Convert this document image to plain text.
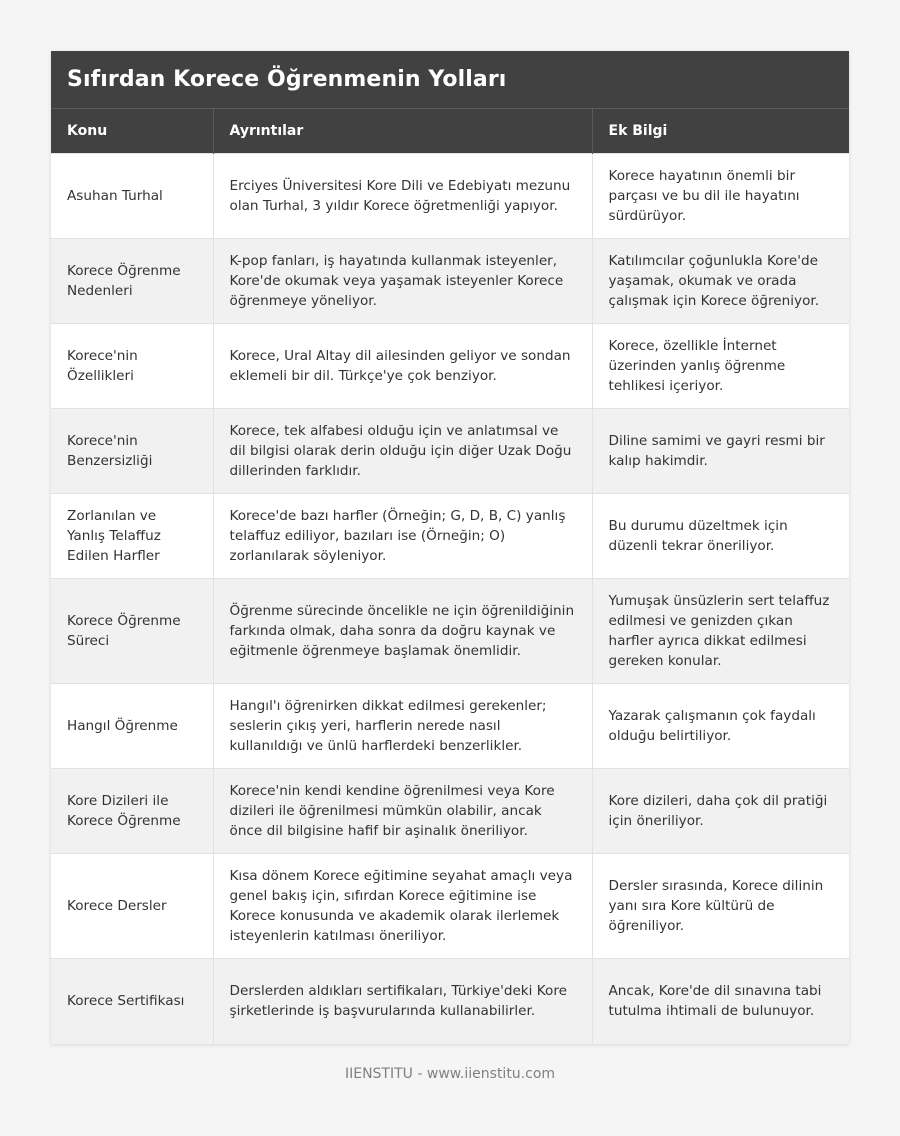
Sıfırdan Korece Öğrenmenin Yolları
Konu	Ayrıntılar	Ek Bilgi
Asuhan Turhal	Erciyes Üniversitesi Kore Dili ve Edebiyatı mezunu olan Turhal, 3 yıldır Korece öğretmenliği yapıyor.	Korece hayatının önemli bir parçası ve bu dil ile hayatını sürdürüyor.
Korece Öğrenme Nedenleri	K-pop fanları, iş hayatında kullanmak isteyenler, Kore'de okumak veya yaşamak isteyenler Korece öğrenmeye yöneliyor.	Katılımcılar çoğunlukla Kore'de yaşamak, okumak ve orada çalışmak için Korece öğreniyor.
Korece'nin Özellikleri	Korece, Ural Altay dil ailesinden geliyor ve sondan eklemeli bir dil. Türkçe'ye çok benziyor.	Korece, özellikle İnternet üzerinden yanlış öğrenme tehlikesi içeriyor.
Korece'nin Benzersizliği	Korece, tek alfabesi olduğu için ve anlatımsal ve dil bilgisi olarak derin olduğu için diğer Uzak Doğu dillerinden farklıdır.	Diline samimi ve gayri resmi bir kalıp hakimdir.
Zorlanılan ve Yanlış Telaffuz Edilen Harfler	Korece'de bazı harfler (Örneğin; G, D, B, C) yanlış telaffuz ediliyor, bazıları ise (Örneğin; O) zorlanılarak söyleniyor.	Bu durumu düzeltmek için düzenli tekrar öneriliyor.
Korece Öğrenme Süreci	Öğrenme sürecinde öncelikle ne için öğrenildiğinin farkında olmak, daha sonra da doğru kaynak ve eğitmenle öğrenmeye başlamak önemlidir.	Yumuşak ünsüzlerin sert telaffuz edilmesi ve genizden çıkan harfler ayrıca dikkat edilmesi gereken konular.
Hangıl Öğrenme	Hangıl'ı öğrenirken dikkat edilmesi gerekenler; seslerin çıkış yeri, harflerin nerede nasıl kullanıldığı ve ünlü harflerdeki benzerlikler.	Yazarak çalışmanın çok faydalı olduğu belirtiliyor.
Kore Dizileri ile Korece Öğrenme	Korece'nin kendi kendine öğrenilmesi veya Kore dizileri ile öğrenilmesi mümkün olabilir, ancak önce dil bilgisine hafif bir aşinalık öneriliyor.	Kore dizileri, daha çok dil pratiği için öneriliyor.
Korece Dersler	Kısa dönem Korece eğitimine seyahat amaçlı veya genel bakış için, sıfırdan Korece eğitimine ise Korece konusunda ve akademik olarak ilerlemek isteyenlerin katılması öneriliyor.	Dersler sırasında, Korece dilinin yanı sıra Kore kültürü de öğreniliyor.
Korece Sertifikası	Derslerden aldıkları sertifikaları, Türkiye'deki Kore şirketlerinde iş başvurularında kullanabilirler.	Ancak, Kore'de dil sınavına tabi tutulma ihtimali de bulunuyor.
IIENSTITU - www.iienstitu.com
